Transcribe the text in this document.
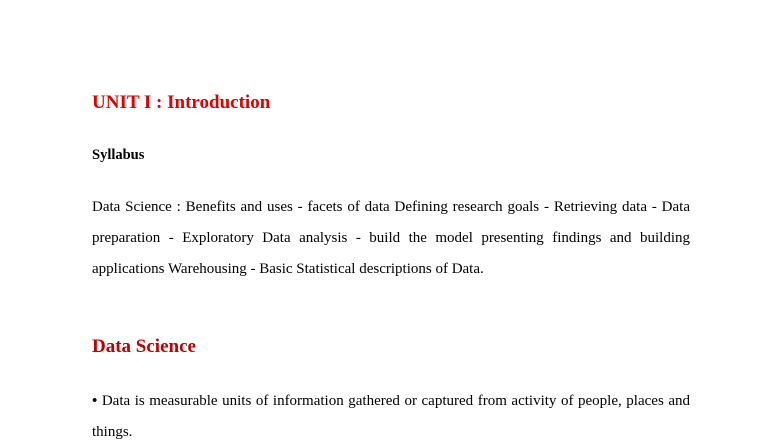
UNIT I : Introduction
Syllabus

Data Science : Benefits and uses - facets of data Defining research goals - Retrieving data - Data preparation - Exploratory Data analysis - build the model presenting findings and building applications Warehousing - Basic Statistical descriptions of Data.

Data Science

• Data is measurable units of information gathered or captured from activity of people, places and things.
